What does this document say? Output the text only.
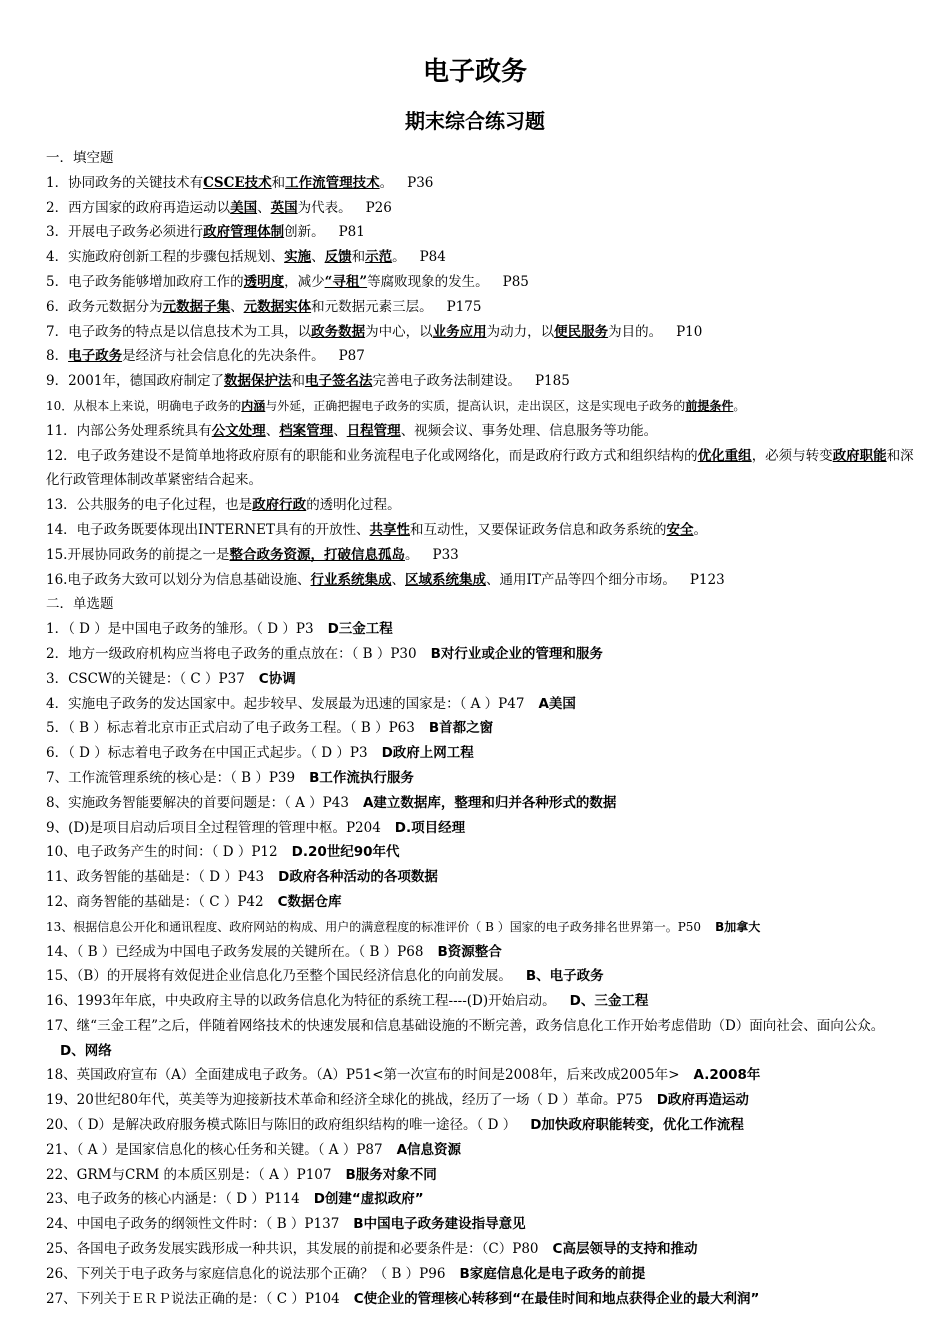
电子政务
期末综合练习题
一．填空题
1．协同政务的关键技术有CSCE技术和工作流管理技术。 P36
2．西方国家的政府再造运动以美国、英国为代表。 P26
3．开展电子政务必须进行政府管理体制创新。 P81
4．实施政府创新工程的步骤包括规划、实施、反馈和示范。 P84
5．电子政务能够增加政府工作的透明度，减少“寻租”等腐败现象的发生。 P85
6．政务元数据分为元数据子集、元数据实体和元数据元素三层。 P175
7．电子政务的特点是以信息技术为工具，以政务数据为中心，以业务应用为动力，以便民服务为目的。 P10
8．电子政务是经济与社会信息化的先决条件。 P87
9．2001年，德国政府制定了数据保护法和电子签名法完善电子政务法制建设。 P185
10．从根本上来说，明确电子政务的内涵与外延，正确把握电子政务的实质，提高认识，走出误区，这是实现电子政务的前提条件。
11．内部公务处理系统具有公文处理、档案管理、日程管理、视频会议、事务处理、信息服务等功能。
12．电子政务建设不是简单地将政府原有的职能和业务流程电子化或网络化，而是政府行政方式和组织结构的优化重组，必须与转变政府职能和深化行政管理体制改革紧密结合起来。
13．公共服务的电子化过程，也是政府行政的透明化过程。
14．电子政务既要体现出INTERNET具有的开放性、共享性和互动性，又要保证政务信息和政务系统的安全。
15.开展协同政务的前提之一是整合政务资源，打破信息孤岛。 P33
16.电子政务大致可以划分为信息基础设施、行业系统集成、区域系统集成、通用IT产品等四个细分市场。 P123
二．单选题
1．（ D ）是中国电子政务的雏形。（ D ）P3 D三金工程
2．地方一级政府机构应当将电子政务的重点放在：（ B ）P30 B对行业或企业的管理和服务
3．CSCW的关键是：（ C ）P37 C协调
4．实施电子政务的发达国家中。起步较早、发展最为迅速的国家是：（ A ）P47 A美国
5．（ B ）标志着北京市正式启动了电子政务工程。（ B ）P63 B首都之窗
6．（ D ）标志着电子政务在中国正式起步。（ D ）P3 D政府上网工程
7、工作流管理系统的核心是：（ B ）P39 B工作流执行服务
8、实施政务智能要解决的首要问题是：（ A ）P43 A建立数据库，整理和归并各种形式的数据
9、(D)是项目启动后项目全过程管理的管理中枢。P204 D.项目经理
10、电子政务产生的时间：（ D ）P12 D.20世纪90年代
11、政务智能的基础是：（ D ）P43 D政府各种活动的各项数据
12、商务智能的基础是：（ C ）P42 C数据仓库
13、根据信息公开化和通讯程度、政府网站的构成、用户的满意程度的标准评价（ B ）国家的电子政务排名世界第一。P50 B加拿大
14、（ B ）已经成为中国电子政务发展的关键所在。（ B ）P68 B资源整合
15、（B）的开展将有效促进企业信息化乃至整个国民经济信息化的向前发展。 B、电子政务
16、1993年年底，中央政府主导的以政务信息化为特征的系统工程----(D)开始启动。 D、三金工程
17、继“三金工程”之后，伴随着网络技术的快速发展和信息基础设施的不断完善，政务信息化工作开始考虑借助（D）面向社会、面向公众。D、网络
18、英国政府宣布（A）全面建成电子政务。（A）P51<第一次宣布的时间是2008年，后来改成2005年> A.2008年
19、20世纪80年代，英美等为迎接新技术革命和经济全球化的挑战，经历了一场（ D ）革命。P75 D政府再造运动
20、（ D）是解决政府服务模式陈旧与陈旧的政府组织结构的唯一途径。（ D ） D加快政府职能转变，优化工作流程
21、（ A ）是国家信息化的核心任务和关键。（ A ）P87 A信息资源
22、GRM与CRM 的本质区别是：（ A ）P107 B服务对象不同
23、电子政务的核心内涵是：（ D ）P114 D创建“虚拟政府”
24、中国电子政务的纲领性文件时：（ B ）P137 B中国电子政务建设指导意见
25、各国电子政务发展实践形成一种共识，其发展的前提和必要条件是：（C）P80 C高层领导的支持和推动
26、下列关于电子政务与家庭信息化的说法那个正确？（ B ）P96 B家庭信息化是电子政务的前提
27、下列关于ＥＲＰ说法正确的是：（ C ）P104 C使企业的管理核心转移到“在最佳时间和地点获得企业的最大利润”
